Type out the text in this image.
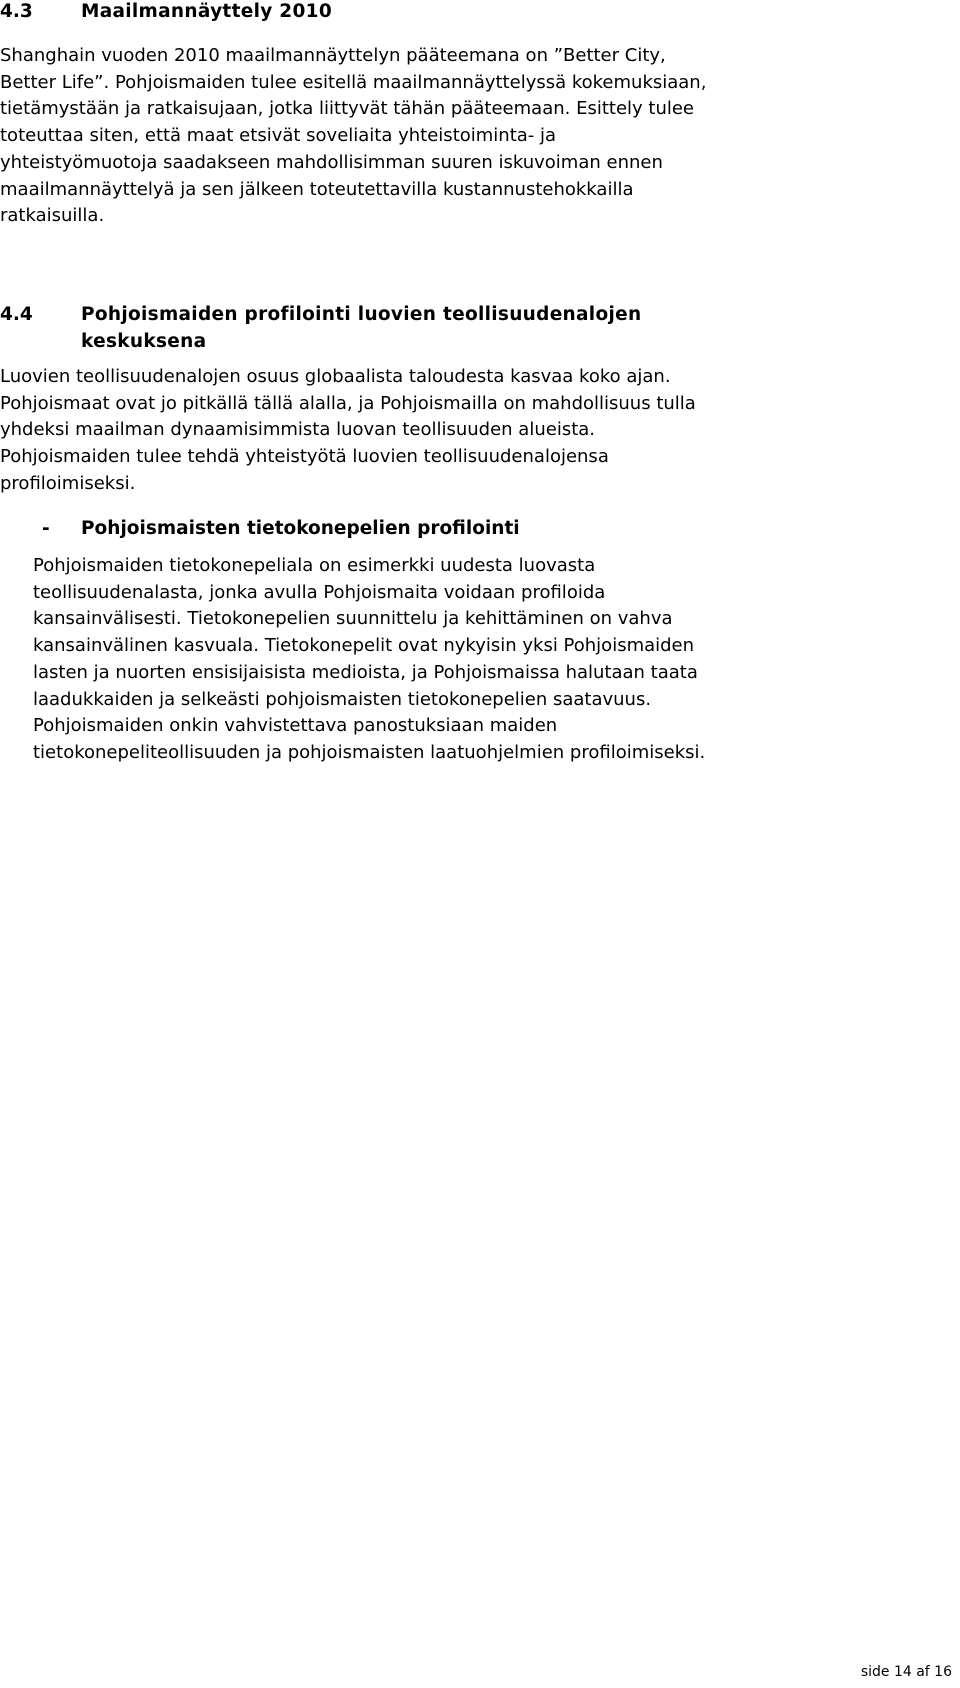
4.3	Maailmannäyttely 2010

Shanghain vuoden 2010 maailmannäyttelyn pääteemana on ”Better City,
Better Life”. Pohjoismaiden tulee esitellä maailmannäyttelyssä kokemuksiaan,
tietämystään ja ratkaisujaan, jotka liittyvät tähän pääteemaan. Esittely tulee
toteuttaa siten, että maat etsivät soveliaita yhteistoiminta- ja
yhteistyömuotoja saadakseen mahdollisimman suuren iskuvoiman ennen
maailmannäyttelyä ja sen jälkeen toteutettavilla kustannustehokkailla
ratkaisuilla.

4.4	Pohjoismaiden profilointi luovien teollisuudenalojen
keskuksena

Luovien teollisuudenalojen osuus globaalista taloudesta kasvaa koko ajan.
Pohjoismaat ovat jo pitkällä tällä alalla, ja Pohjoismailla on mahdollisuus tulla
yhdeksi maailman dynaamisimmista luovan teollisuuden alueista.
Pohjoismaiden tulee tehdä yhteistyötä luovien teollisuudenalojensa
profiloimiseksi.

- Pohjoismaisten tietokonepelien profilointi

Pohjoismaiden tietokonepeliala on esimerkki uudesta luovasta
teollisuudenalasta, jonka avulla Pohjoismaita voidaan profiloida
kansainvälisesti. Tietokonepelien suunnittelu ja kehittäminen on vahva
kansainvälinen kasvuala. Tietokonepelit ovat nykyisin yksi Pohjoismaiden
lasten ja nuorten ensisijaisista medioista, ja Pohjoismaissa halutaan taata
laadukkaiden ja selkeästi pohjoismaisten tietokonepelien saatavuus.
Pohjoismaiden onkin vahvistettava panostuksiaan maiden
tietokonepeliteollisuuden ja pohjoismaisten laatuohjelmien profiloimiseksi.

side 14 af 16
